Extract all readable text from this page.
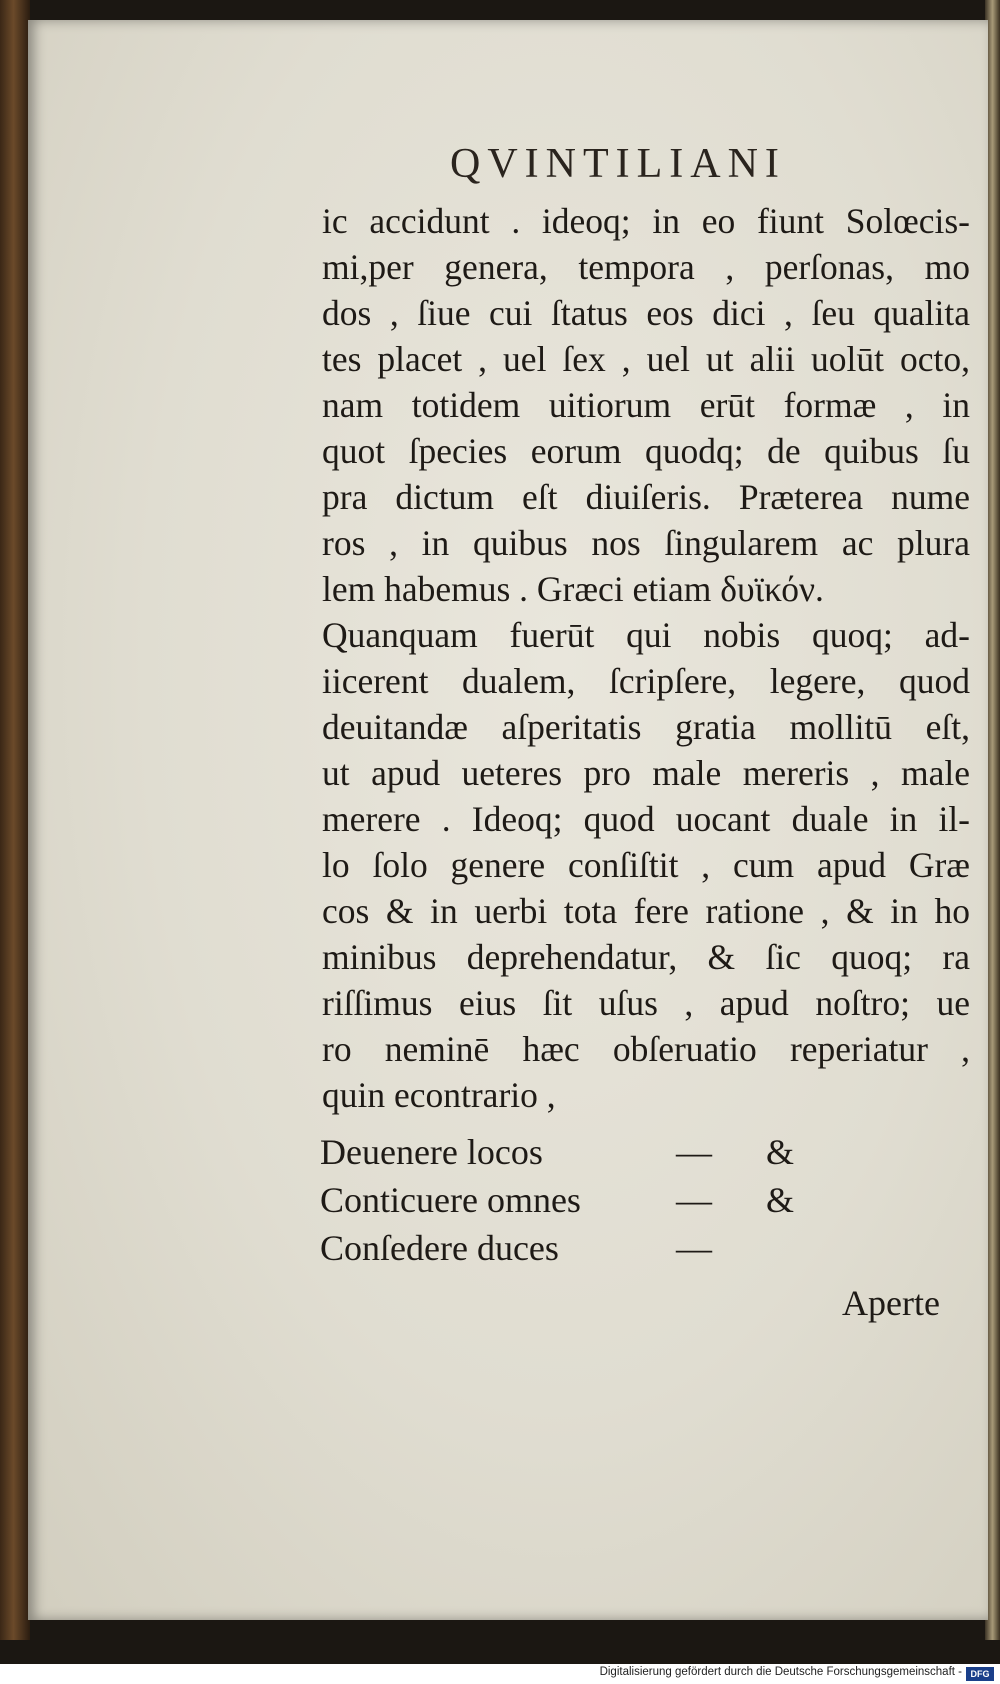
QVINTILIANI
ic accidunt . ideoq; in eo fiunt Solœcis-
mi,per genera, tempora , perſonas, mo
dos , ſiue cui ſtatus eos dici , ſeu qualita
tes placet , uel ſex , uel ut alii uolūt octo,
nam totidem uitiorum erūt formæ , in
quot ſpecies eorum quodq; de quibus ſu
pra dictum eſt diuiſeris. Præterea nume
ros , in quibus nos ſingularem ac plura
lem habemus . Græci etiam δυϊκόν.
Quanquam fuerūt qui nobis quoq; ad-
iicerent dualem, ſcripſere, legere, quod
deuitandæ aſperitatis gratia mollitū eſt,
ut apud ueteres pro male mereris , male
merere . Ideoq; quod uocant duale in il-
lo ſolo genere conſiſtit , cum apud Græ
cos & in uerbi tota fere ratione , & in ho
minibus deprehendatur, & ſic quoq; ra
riſſimus eius ſit uſus , apud noſtro; ue
ro neminē hæc obſeruatio reperiatur ,
quin econtrario ,
Deuenere locos	— &
Conticuere omnes	— &
Conſedere duces	—
Aperte
Digitalisierung gefördert durch die Deutsche Forschungsgemeinschaft - DFG
